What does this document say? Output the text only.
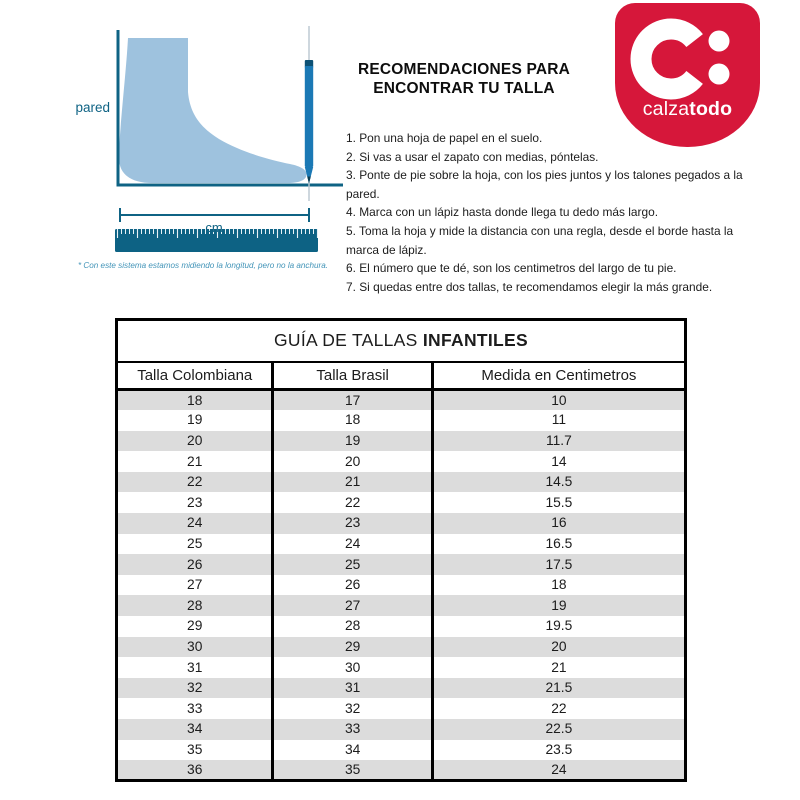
pared
cm
* Con este sistema estamos midiendo la longitud, pero no la anchura.
RECOMENDACIONES PARA
ENCONTRAR TU TALLA
1. Pon una hoja de papel en el suelo.
2. Si vas a usar el zapato con medias, póntelas.
3. Ponte de pie sobre la hoja, con los pies juntos y los talones pegados a la pared.
4. Marca con un lápiz hasta donde llega tu dedo más largo.
5. Toma la hoja y mide la distancia con una regla, desde el borde hasta la marca de lápiz.
6. El número que te dé, son los centimetros del largo de tu pie.
7. Si quedas entre dos tallas, te recomendamos elegir la más grande.
calzatodo
GUÍA DE TALLAS INFANTILES		
Talla Colombiana	Talla Brasil	Medida en Centimetros
18	17	10
19	18	11
20	19	11.7
21	20	14
22	21	14.5
23	22	15.5
24	23	16
25	24	16.5
26	25	17.5
27	26	18
28	27	19
29	28	19.5
30	29	20
31	30	21
32	31	21.5
33	32	22
34	33	22.5
35	34	23.5
36	35	24
